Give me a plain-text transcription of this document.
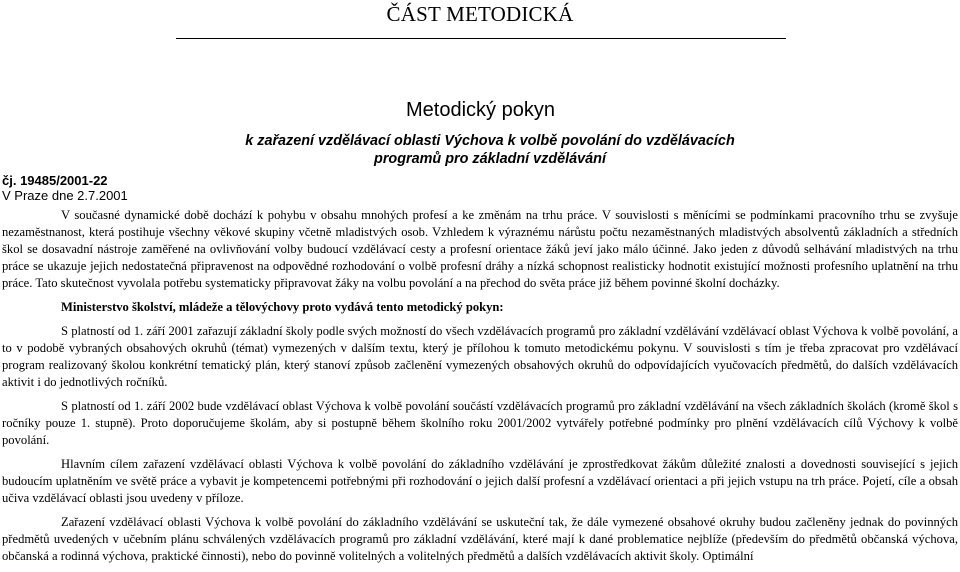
ČÁST METODICKÁ
Metodický pokyn
k zařazení vzdělávací oblasti Výchova k volbě povolání do vzdělávacích programů pro základní vzdělávání
čj. 19485/2001-22
V Praze dne 2.7.2001

V současné dynamické době dochází k pohybu v obsahu mnohých profesí a ke změnám na trhu práce. V souvislosti s měnícími se podmínkami pracovního trhu se zvyšuje nezaměstnanost, která postihuje všechny věkové skupiny včetně mladistvých osob. Vzhledem k výraznému nárůstu počtu nezaměstnaných mladistvých absolventů základních a středních škol se dosavadní nástroje zaměřené na ovlivňování volby budoucí vzdělávací cesty a profesní orientace žáků jeví jako málo účinné. Jako jeden z důvodů selhávání mladistvých na trhu práce se ukazuje jejich nedostatečná připravenost na odpovědné rozhodování o volbě profesní dráhy a nízká schopnost realisticky hodnotit existující možnosti profesního uplatnění na trhu práce. Tato skutečnost vyvolala potřebu systematicky připravovat žáky na volbu povolání a na přechod do světa práce již během povinné školní docházky.

Ministerstvo školství, mládeže a tělovýchovy proto vydává tento metodický pokyn:

S platností od 1. září 2001 zařazují základní školy podle svých možností do všech vzdělávacích programů pro základní vzdělávání vzdělávací oblast Výchova k volbě povolání, a to v podobě vybraných obsahových okruhů (témat) vymezených v dalším textu, který je přílohou k tomuto metodickému pokynu. V souvislosti s tím je třeba zpracovat pro vzdělávací program realizovaný školou konkrétní tematický plán, který stanoví způsob začlenění vymezených obsahových okruhů do odpovídajících vyučovacích předmětů, do dalších vzdělávacích aktivit i do jednotlivých ročníků.

S platností od 1. září 2002 bude vzdělávací oblast Výchova k volbě povolání součástí vzdělávacích programů pro základní vzdělávání na všech základních školách (kromě škol s ročníky pouze 1. stupně). Proto doporučujeme školám, aby si postupně během školního roku 2001/2002 vytvářely potřebné podmínky pro plnění vzdělávacích cílů Výchovy k volbě povolání.

Hlavním cílem zařazení vzdělávací oblasti Výchova k volbě povolání do základního vzdělávání je zprostředkovat žákům důležité znalosti a dovednosti související s jejich budoucím uplatněním ve světě práce a vybavit je kompetencemi potřebnými při rozhodování o jejich další profesní a vzdělávací orientaci a při jejich vstupu na trh práce. Pojetí, cíle a obsah učiva vzdělávací oblasti jsou uvedeny v příloze.

Zařazení vzdělávací oblasti Výchova k volbě povolání do základního vzdělávání se uskuteční tak, že dále vymezené obsahové okruhy budou začleněny jednak do povinných předmětů uvedených v učebním plánu schválených vzdělávacích programů pro základní vzdělávání, které mají k dané problematice nejblíže (především do předmětů občanská výchova, občanská a rodinná výchova, praktické činnosti), nebo do povinně volitelných a volitelných předmětů a dalších vzdělávacích aktivit školy. Optimální
